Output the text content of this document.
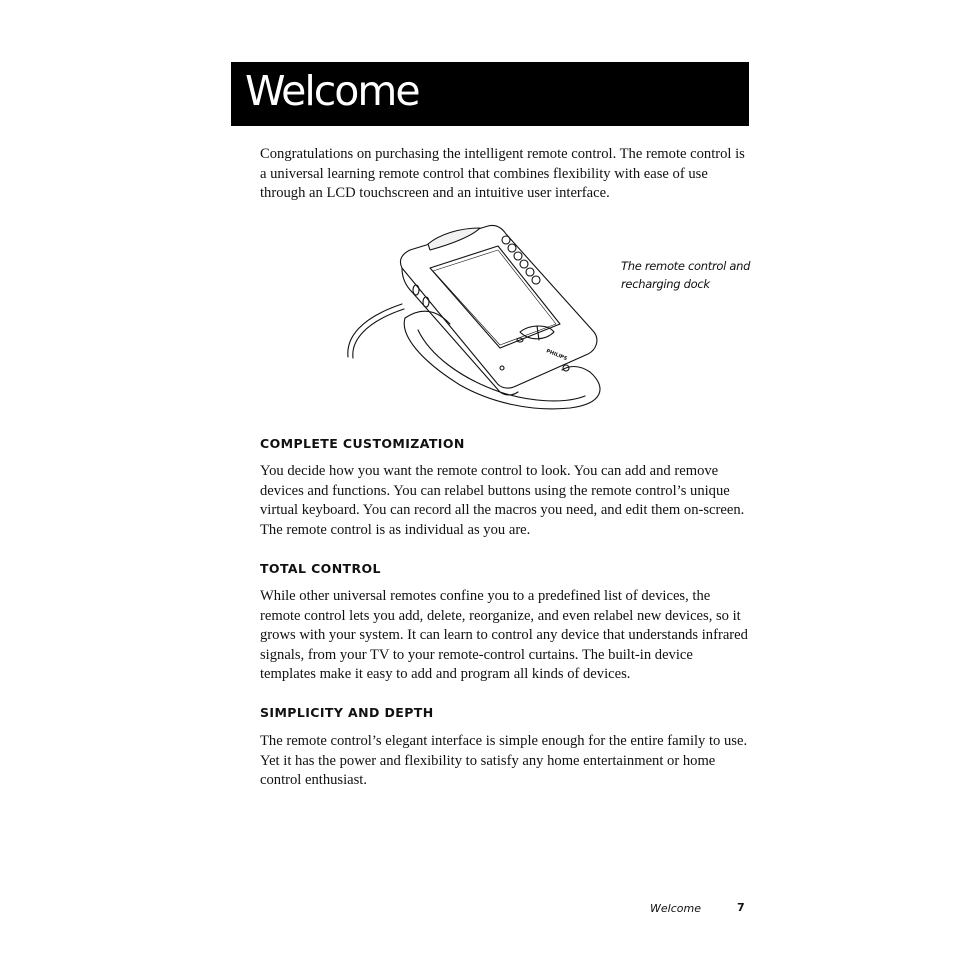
Welcome

Congratulations on purchasing the intelligent remote control. The remote control is a universal learning remote control that combines flexibility with ease of use through an LCD touchscreen and an intuitive user interface.

PHILIPS

The remote control and recharging dock

COMPLETE CUSTOMIZATION

You decide how you want the remote control to look. You can add and remove devices and functions. You can relabel buttons using the remote control’s unique virtual keyboard. You can record all the macros you need, and edit them on-screen. The remote control is as individual as you are.

TOTAL CONTROL

While other universal remotes confine you to a predefined list of devices, the remote control lets you add, delete, reorganize, and even relabel new devices, so it grows with your system. It can learn to control any device that understands infrared signals, from your TV to your remote-control curtains. The built-in device templates make it easy to add and program all kinds of devices.

SIMPLICITY AND DEPTH

The remote control’s elegant interface is simple enough for the entire family to use. Yet it has the power and flexibility to satisfy any home entertainment or home control enthusiast.

Welcome	7
